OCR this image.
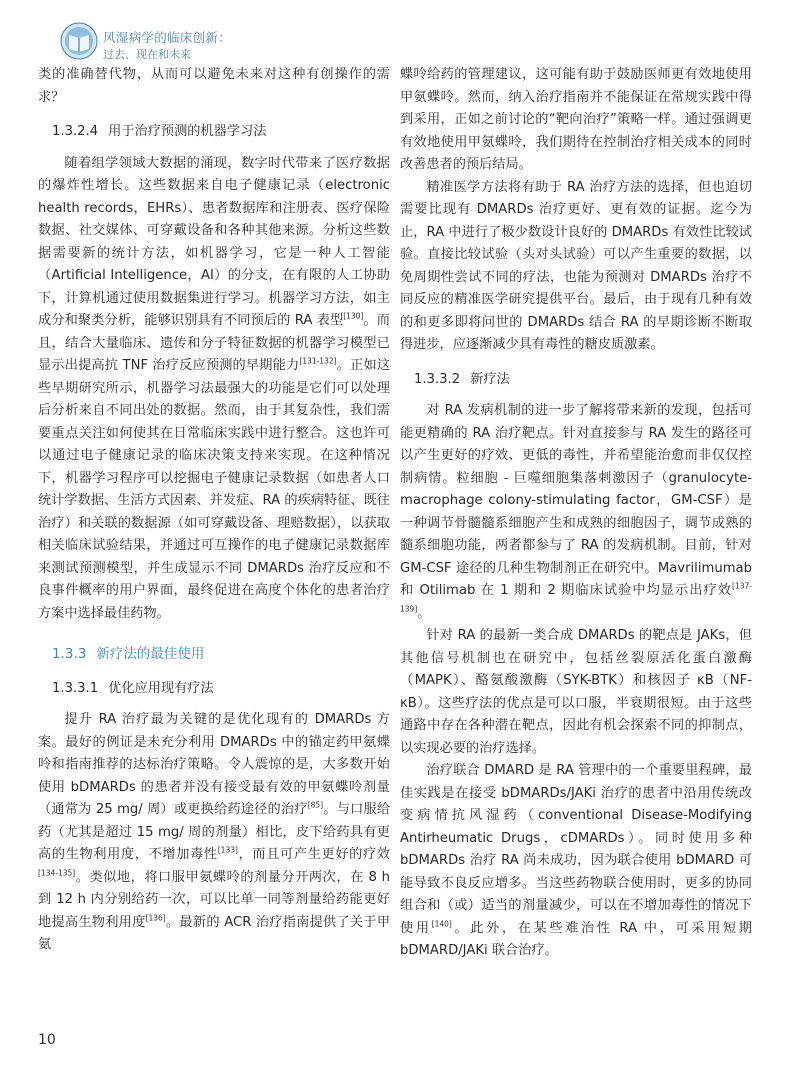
风湿病学的临床创新：
过去、现在和未来

类的准确替代物，从而可以避免未来对这种有创操作的需求？

1.3.2.4 用于治疗预测的机器学习法

随着组学领域大数据的涌现，数字时代带来了医疗数据的爆炸性增长。这些数据来自电子健康记录（electronic health records，EHRs）、患者数据库和注册表、医疗保险数据、社交媒体、可穿戴设备和各种其他来源。分析这些数据需要新的统计方法，如机器学习，它是一种人工智能（Artificial Intelligence，AI）的分支，在有限的人工协助下，计算机通过使用数据集进行学习。机器学习方法，如主成分和聚类分析，能够识别具有不同预后的 RA 表型[130]。而且，结合大量临床、遗传和分子特征数据的机器学习模型已显示出提高抗 TNF 治疗反应预测的早期能力[131-132]。正如这些早期研究所示，机器学习法最强大的功能是它们可以处理后分析来自不同出处的数据。然而，由于其复杂性，我们需要重点关注如何使其在日常临床实践中进行整合。这也许可以通过电子健康记录的临床决策支持来实现。在这种情况下，机器学习程序可以挖掘电子健康记录数据（如患者人口统计学数据、生活方式因素、并发症、RA 的疾病特征、既往治疗）和关联的数据源（如可穿戴设备、理赔数据），以获取相关临床试验结果，并通过可互操作的电子健康记录数据库来测试预测模型，并生成显示不同 DMARDs 治疗反应和不良事件概率的用户界面，最终促进在高度个体化的患者治疗方案中选择最佳药物。

1.3.3 新疗法的最佳使用
1.3.3.1 优化应用现有疗法

提升 RA 治疗最为关键的是优化现有的 DMARDs 方案。最好的例证是未充分利用 DMARDs 中的锚定药甲氨蝶呤和指南推荐的达标治疗策略。令人震惊的是，大多数开始使用 bDMARDs 的患者并没有接受最有效的甲氨蝶呤剂量（通常为 25 mg/ 周）或更换给药途径的治疗[85]。与口服给药（尤其是超过 15 mg/ 周的剂量）相比，皮下给药具有更高的生物利用度，不增加毒性[133]，而且可产生更好的疗效[134-135]。类似地，将口服甲氨蝶呤的剂量分开两次，在 8 h 到 12 h 内分别给药一次，可以比单一同等剂量给药能更好地提高生物利用度[136]。最新的 ACR 治疗指南提供了关于甲氨

蝶呤给药的管理建议，这可能有助于鼓励医师更有效地使用甲氨蝶呤。然而，纳入治疗指南并不能保证在常规实践中得到采用，正如之前讨论的“靶向治疗”策略一样。通过强调更有效地使用甲氨蝶呤，我们期待在控制治疗相关成本的同时改善患者的预后结局。

精准医学方法将有助于 RA 治疗方法的选择，但也迫切需要比现有 DMARDs 治疗更好、更有效的证据。迄今为止，RA 中进行了极少数设计良好的 DMARDs 有效性比较试验。直接比较试验（头对头试验）可以产生重要的数据，以免周期性尝试不同的疗法，也能为预测对 DMARDs 治疗不同反应的精准医学研究提供平台。最后，由于现有几种有效的和更多即将问世的 DMARDs 结合 RA 的早期诊断不断取得进步，应逐渐减少具有毒性的糖皮质激素。

1.3.3.2 新疗法

对 RA 发病机制的进一步了解将带来新的发现，包括可能更精确的 RA 治疗靶点。针对直接参与 RA 发生的路径可以产生更好的疗效、更低的毒性，并希望能治愈而非仅仅控制病情。粒细胞 - 巨噬细胞集落刺激因子（granulocyte-macrophage colony-stimulating factor，GM-CSF）是一种调节骨髓髓系细胞产生和成熟的细胞因子，调节成熟的髓系细胞功能，两者都参与了 RA 的发病机制。目前，针对 GM-CSF 途径的几种生物制剂正在研究中。Mavrilimumab 和 Otilimab 在 1 期和 2 期临床试验中均显示出疗效[137-139]。

针对 RA 的最新一类合成 DMARDs 的靶点是 JAKs，但其他信号机制也在研究中，包括丝裂原活化蛋白激酶（MAPK）、酪氨酸激酶（SYK-BTK）和核因子 κB（NF-κB）。这些疗法的优点是可以口服，半衰期很短。由于这些通路中存在各种潜在靶点，因此有机会探索不同的抑制点，以实现必要的治疗选择。

治疗联合 DMARD 是 RA 管理中的一个重要里程碑，最佳实践是在接受 bDMARDs/JAKi 治疗的患者中沿用传统改变病情抗风湿药（conventional Disease-Modifying Antirheumatic Drugs，cDMARDs）。同时使用多种 bDMARDs 治疗 RA 尚未成功，因为联合使用 bDMARD 可能导致不良反应增多。当这些药物联合使用时，更多的协同组合和（或）适当的剂量减少，可以在不增加毒性的情况下使用[140]。此外，在某些难治性 RA 中，可采用短期 bDMARD/JAKi 联合治疗。

10
